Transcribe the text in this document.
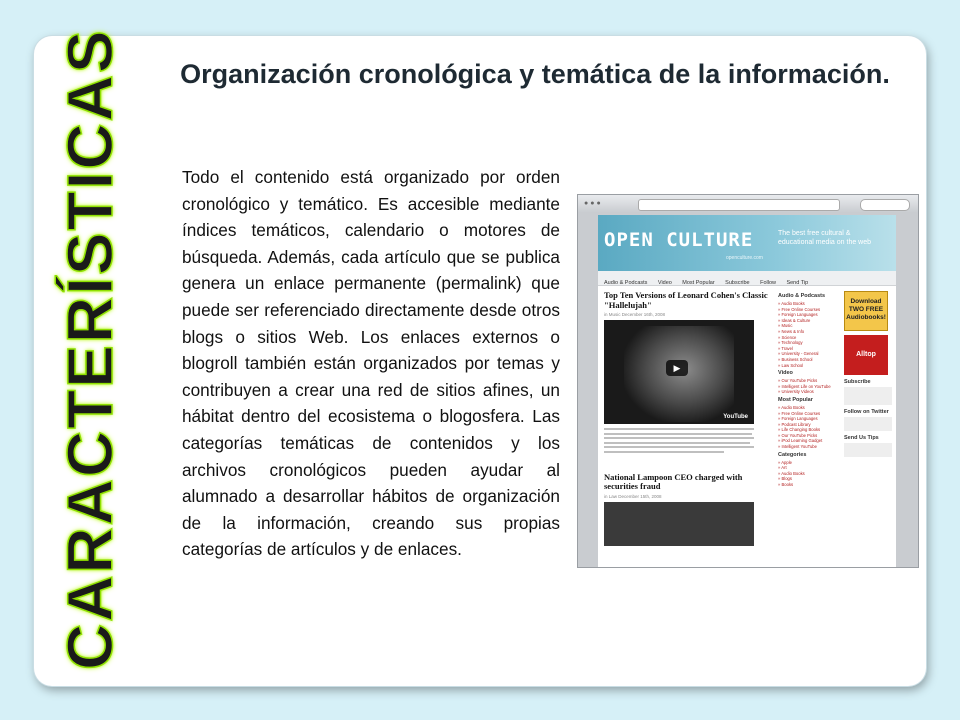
CARACTERÍSTICAS Organización cronológica y temática de la información.

Todo el contenido está organizado por orden cronológico y temático. Es accesible mediante índices temáticos, calendario o motores de búsqueda. Además, cada artículo que se publica genera un enlace permanente (permalink) que puede ser referenciado directamente desde otros blogs o sitios Web. Los enlaces externos o blogroll también están organizados por temas y contribuyen a crear una red de sitios afines, un hábitat dentro del ecosistema o blogosfera. Las categorías temáticas de contenidos y los archivos cronológicos pueden ayudar al alumnado a desarrollar hábitos de organización de la información, creando sus propias categorías de artículos y de enlaces.

●●●
OPEN CULTURE
openculture.com
The best free cultural & educational media on the web
Audio & Podcasts Video Most Popular Subscribe Follow Send Tip

Top Ten Versions of Leonard Cohen's Classic "Hallelujah"

in Music December 16th, 2008
▶
YouTube

National Lampoon CEO charged with securities fraud

in Law December 15th, 2008
Audio & Podcasts
» Audio Books
» Free Online Courses
» Foreign Languages
» Ideas & Culture
» Music
» News & Info
» Science
» Technology
» Travel
» University - General
» Business School
» Law School
Video
» Our YouTube Picks
» Intelligent Life on YouTube
» University Videos
Most Popular
» Audio Books
» Free Online Courses
» Foreign Languages
» Podcast Library
» Life Changing Books
» Our YouTube Picks
» iPod Learning Gadget
» Intelligent YouTube
Categories
» Apple
» Art
» Audio Books
» Blogs
» Books
Download TWO FREE Audiobooks!
Alltop
Subscribe
Follow on Twitter
Send Us Tips
